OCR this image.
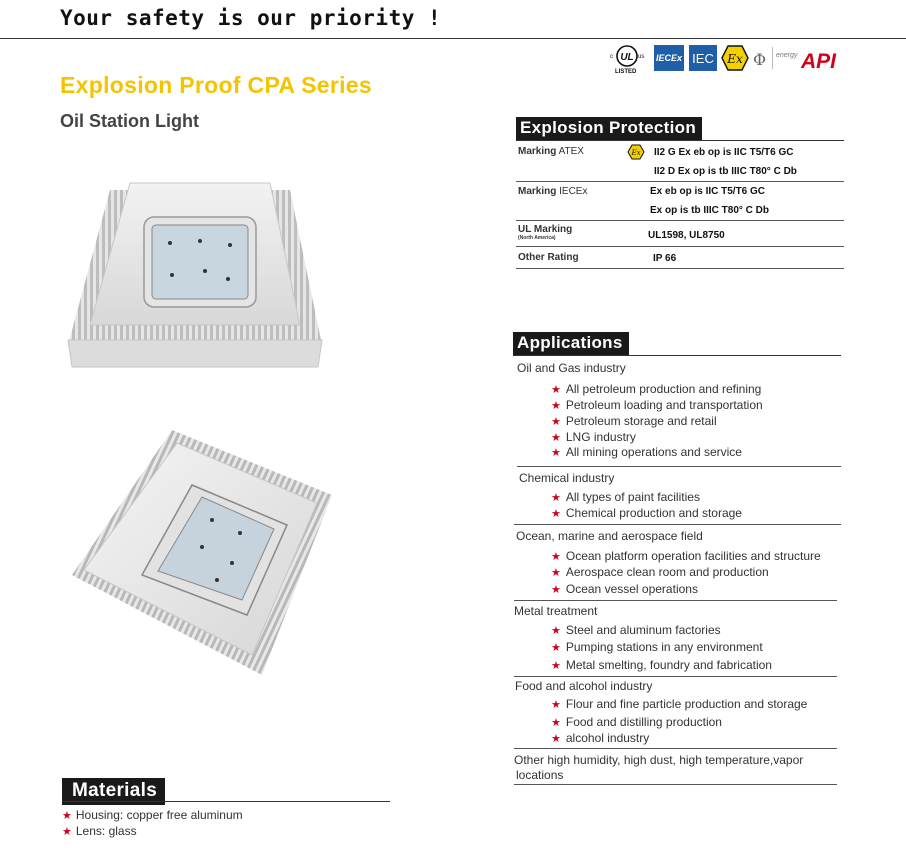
Your safety is our priority !
Explosion Proof CPA Series
Oil Station Light
c UL us
LISTED
IECEx IEC Ex Φ energy API
Explosion Protection
Marking ATEX	Ex II2 G Ex eb op is IIC T5/T6 GC
II2 D Ex op is tb IIIC T80° C Db
Marking IECEx	Ex eb op is IIC T5/T6 GC
Ex op is tb IIIC T80° C Db
UL Marking
(North America)	UL1598, UL8750
Other Rating	IP 66
Applications
Oil and Gas industry
★ All petroleum production and refining
★ Petroleum loading and transportation
★ Petroleum storage and retail
★ LNG industry
★ All mining operations and service
Chemical industry
★ All types of paint facilities
★ Chemical production and storage
Ocean, marine and aerospace field
★ Ocean platform operation facilities and structure
★ Aerospace clean room and production
★ Ocean vessel operations
Metal treatment
★ Steel and aluminum factories
★ Pumping stations in any environment
★ Metal smelting, foundry and fabrication
Food and alcohol industry
★ Flour and fine particle production and storage
★ Food and distilling production
★ alcohol industry
Other high humidity, high dust, high temperature,vapor
locations
Materials
★ Housing: copper free aluminum
★ Lens: glass
